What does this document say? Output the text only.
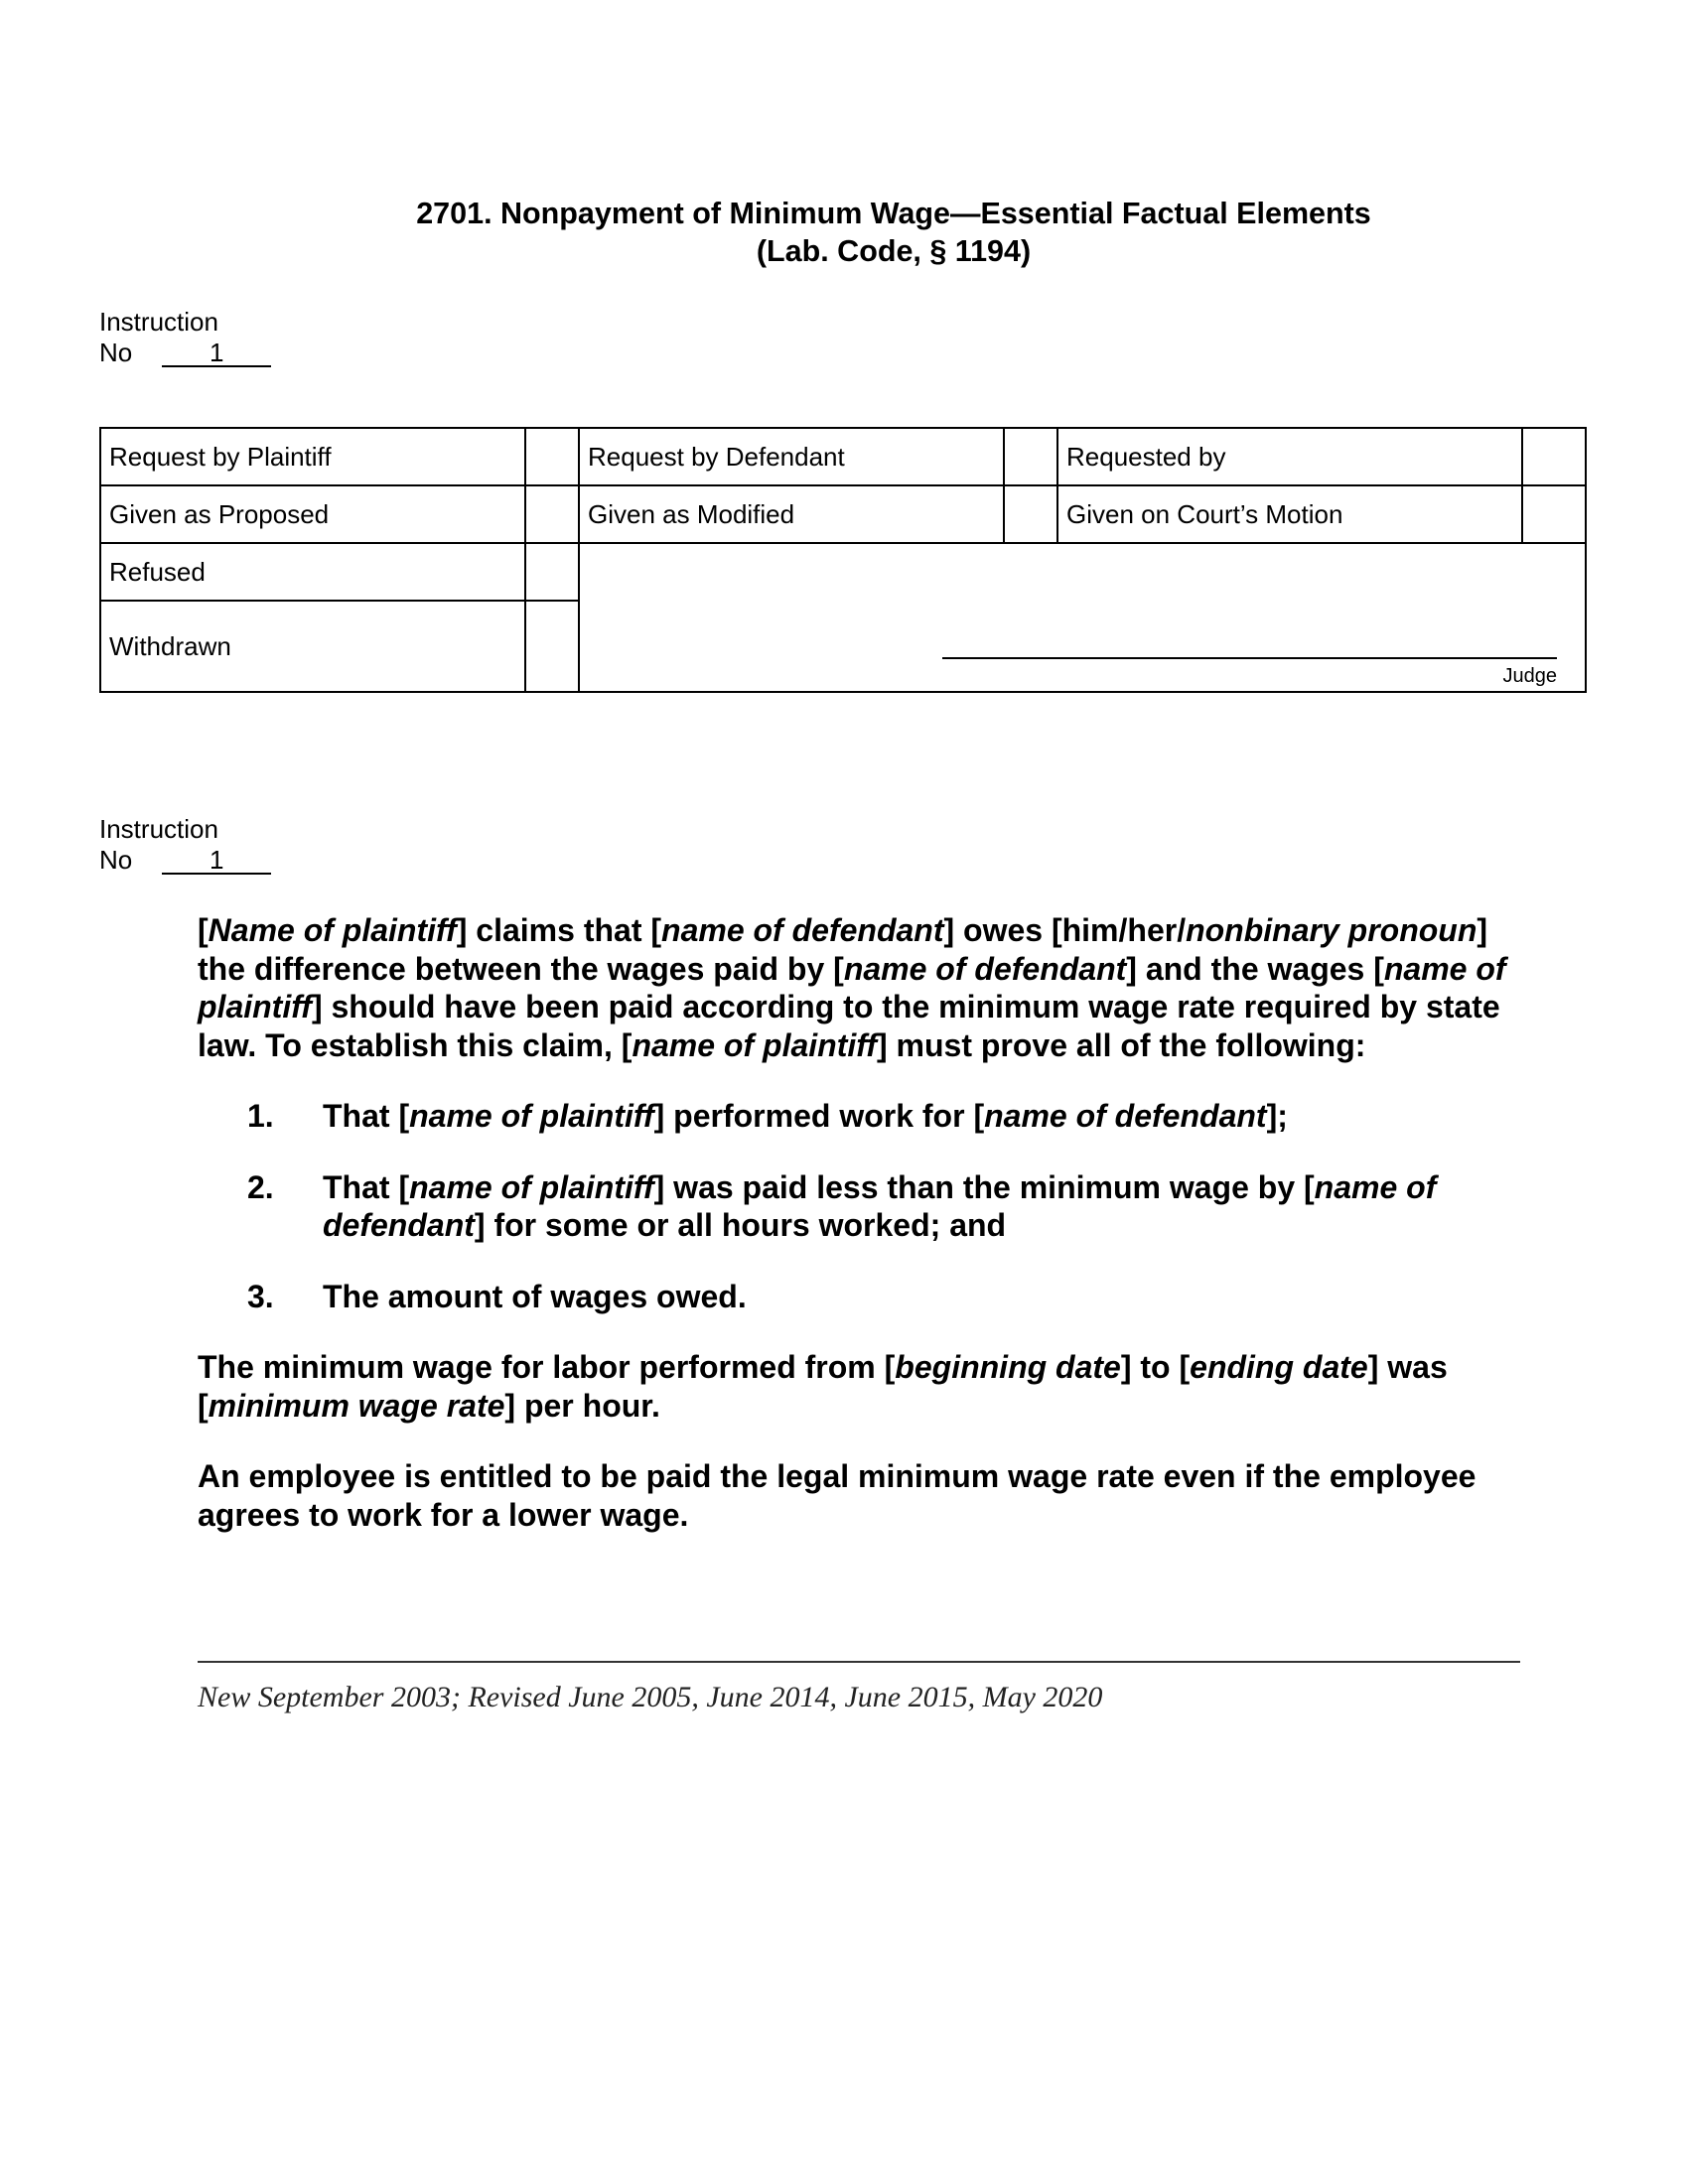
2701. Nonpayment of Minimum Wage—Essential Factual Elements
(Lab. Code, § 1194)
Instruction
No	1
Request by Plaintiff		Request by Defendant		Requested by	
Given as Proposed		Given as Modified		Given on Court’s Motion	
Refused		Judge			

Withdrawn					
Instruction
No	1

[Name of plaintiff] claims that [name of defendant] owes [him/her/nonbinary pronoun] the difference between the wages paid by [name of defendant] and the wages [name of plaintiff] should have been paid according to the minimum wage rate required by state law. To establish this claim, [name of plaintiff] must prove all of the following:

1. That [name of plaintiff] performed work for [name of defendant];
2. That [name of plaintiff] was paid less than the minimum wage by [name of defendant] for some or all hours worked; and
3. The amount of wages owed.

The minimum wage for labor performed from [beginning date] to [ending date] was [minimum wage rate] per hour.

An employee is entitled to be paid the legal minimum wage rate even if the employee agrees to work for a lower wage.

New September 2003; Revised June 2005, June 2014, June 2015, May 2020
